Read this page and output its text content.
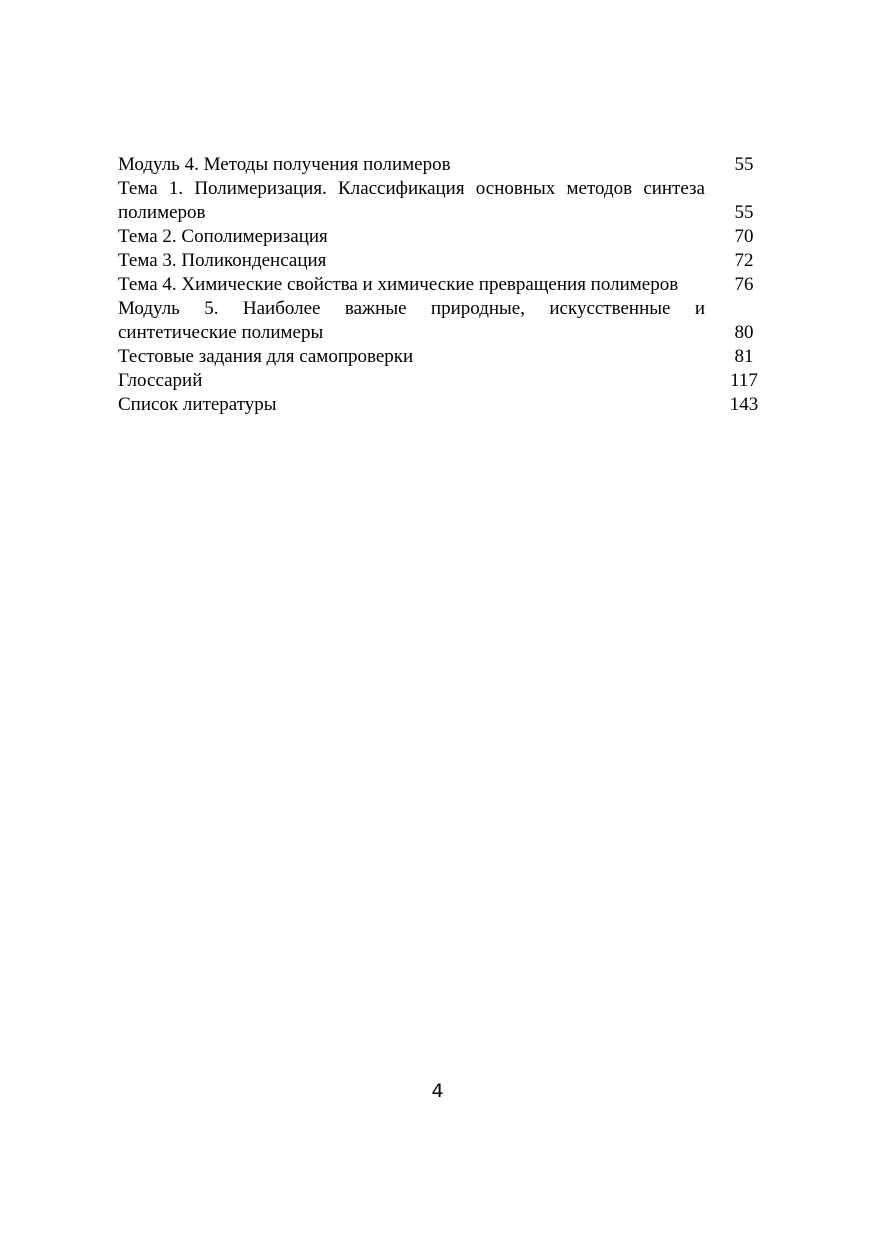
Модуль 4. Методы получения полимеров	55
Тема 1. Полимеризация. Классификация основных методов синтеза полимеров	55
Тема 2. Сополимеризация	70
Тема 3. Поликонденсация	72
Тема 4. Химические свойства и химические превращения полимеров	76
Модуль 5. Наиболее важные природные, искусственные и синтетические полимеры	80
Тестовые задания для самопроверки	81
Глоссарий	117
Список литературы	143
4
